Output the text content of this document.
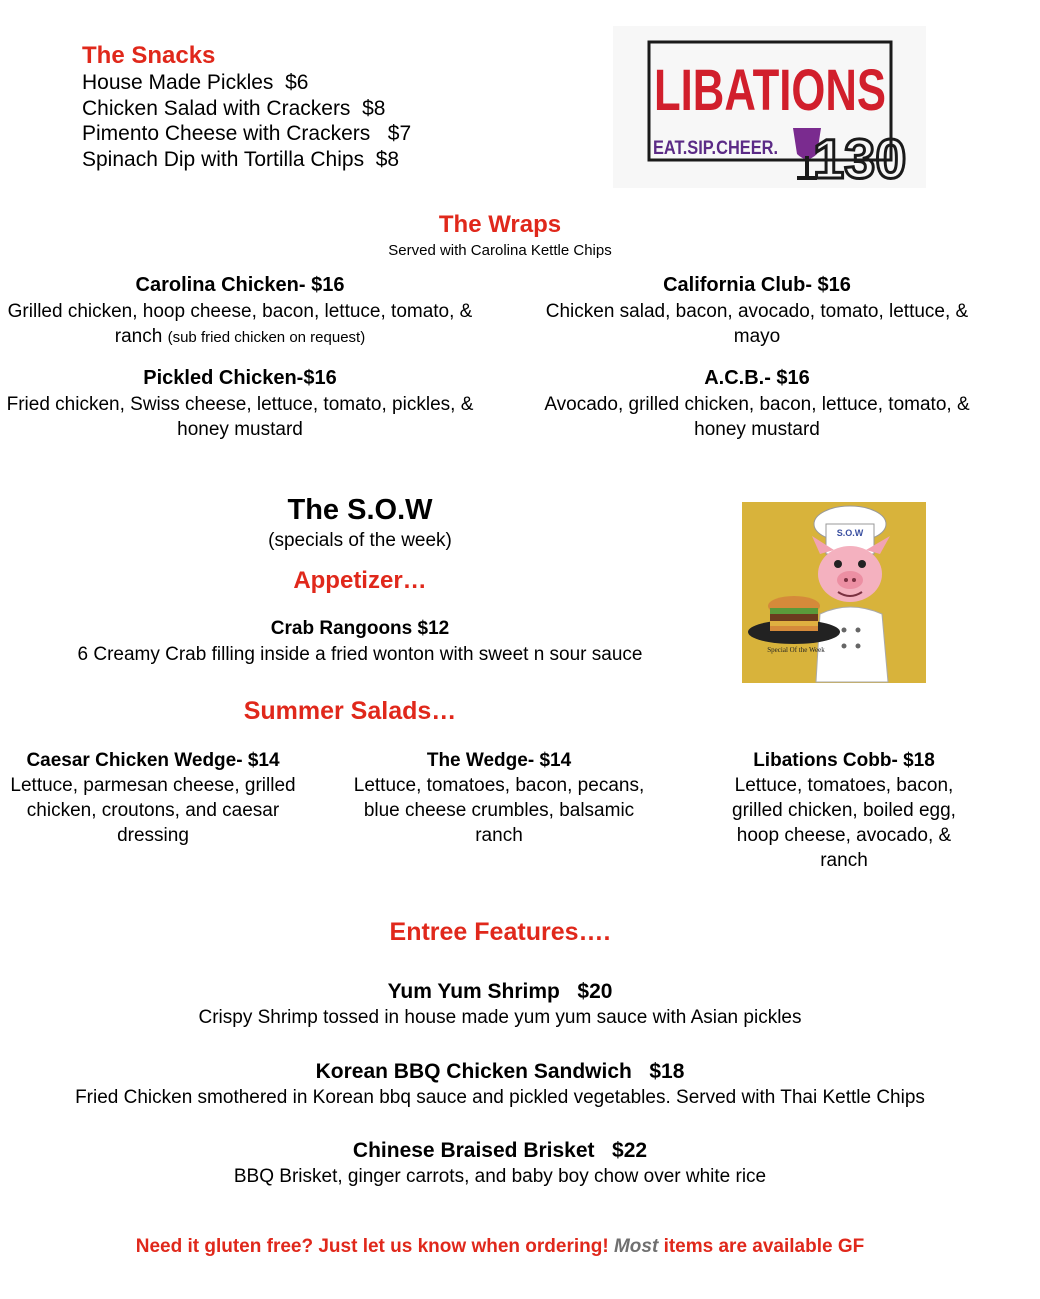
The Snacks
House Made Pickles  $6
Chicken Salad with Crackers  $8
Pimento Cheese with Crackers   $7
Spinach Dip with Tortilla Chips  $8
LIBATIONS
EAT.SIP.CHEER. 130
The Wraps
Served with Carolina Kettle Chips
Carolina Chicken- $16
Grilled chicken, hoop cheese, bacon, lettuce, tomato, & ranch (sub fried chicken on request)
California Club- $16
Chicken salad, bacon, avocado, tomato, lettuce, & mayo
Pickled Chicken-$16
Fried chicken, Swiss cheese, lettuce, tomato, pickles, & honey mustard
A.C.B.- $16
Avocado, grilled chicken, bacon, lettuce, tomato, & honey mustard
The S.O.W
(specials of the week)
Appetizer…
Crab Rangoons $12
6 Creamy Crab filling inside a fried wonton with sweet n sour sauce
S.O.W
Special Of the Week
Summer Salads…
Caesar Chicken Wedge- $14
Lettuce, parmesan cheese, grilled chicken, croutons, and caesar dressing
The Wedge- $14
Lettuce, tomatoes, bacon, pecans, blue cheese crumbles, balsamic ranch
Libations Cobb- $18
Lettuce, tomatoes, bacon, grilled chicken, boiled egg, hoop cheese, avocado, & ranch
Entree Features….
Yum Yum Shrimp   $20
Crispy Shrimp tossed in house made yum yum sauce with Asian pickles
Korean BBQ Chicken Sandwich   $18
Fried Chicken smothered in Korean bbq sauce and pickled vegetables. Served with Thai Kettle Chips
Chinese Braised Brisket   $22
BBQ Brisket, ginger carrots, and baby boy chow over white rice
Need it gluten free? Just let us know when ordering! Most items are available GF
